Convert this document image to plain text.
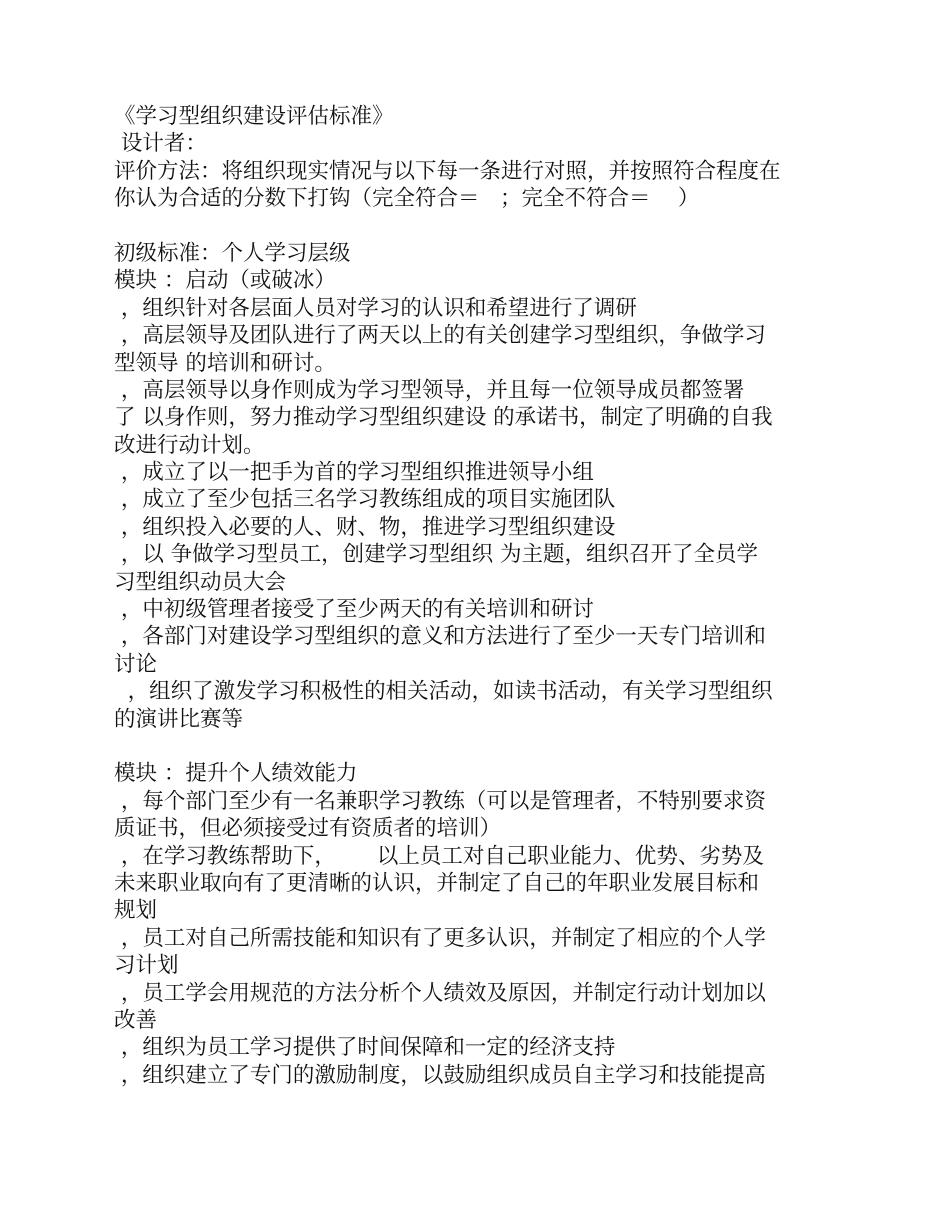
《学习型组织建设评估标准》
设计者：
评价方法：将组织现实情况与以下每一条进行对照，并按照符合程度在
你认为合适的分数下打钩（完全符合＝   ；完全不符合＝    ）
初级标准：个人学习层级
模块 ：启动（或破冰）
，组织针对各层面人员对学习的认识和希望进行了调研
，高层领导及团队进行了两天以上的有关创建学习型组织，争做学习
型领导 的培训和研讨。
，高层领导以身作则成为学习型领导，并且每一位领导成员都签署
了 以身作则，努力推动学习型组织建设 的承诺书，制定了明确的自我
改进行动计划。
，成立了以一把手为首的学习型组织推进领导小组
，成立了至少包括三名学习教练组成的项目实施团队
，组织投入必要的人、财、物，推进学习型组织建设
，以 争做学习型员工，创建学习型组织 为主题，组织召开了全员学
习型组织动员大会
，中初级管理者接受了至少两天的有关培训和研讨
，各部门对建设学习型组织的意义和方法进行了至少一天专门培训和
讨论
，组织了激发学习积极性的相关活动，如读书活动，有关学习型组织
的演讲比赛等
模块 ：提升个人绩效能力
，每个部门至少有一名兼职学习教练（可以是管理者，不特别要求资
质证书，但必须接受过有资质者的培训）
，在学习教练帮助下，      以上员工对自己职业能力、优势、劣势及
未来职业取向有了更清晰的认识，并制定了自己的年职业发展目标和
规划
，员工对自己所需技能和知识有了更多认识，并制定了相应的个人学
习计划
，员工学会用规范的方法分析个人绩效及原因，并制定行动计划加以
改善
，组织为员工学习提供了时间保障和一定的经济支持
，组织建立了专门的激励制度，以鼓励组织成员自主学习和技能提高
